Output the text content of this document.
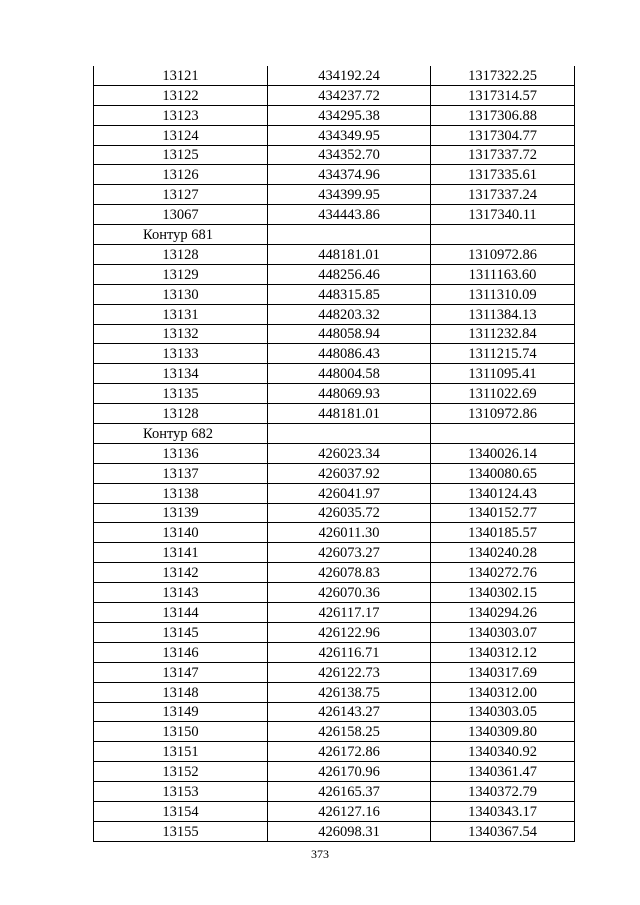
13121	434192.24	1317322.25
13122	434237.72	1317314.57
13123	434295.38	1317306.88
13124	434349.95	1317304.77
13125	434352.70	1317337.72
13126	434374.96	1317335.61
13127	434399.95	1317337.24
13067	434443.86	1317340.11
Контур 681		
13128	448181.01	1310972.86
13129	448256.46	1311163.60
13130	448315.85	1311310.09
13131	448203.32	1311384.13
13132	448058.94	1311232.84
13133	448086.43	1311215.74
13134	448004.58	1311095.41
13135	448069.93	1311022.69
13128	448181.01	1310972.86
Контур 682		
13136	426023.34	1340026.14
13137	426037.92	1340080.65
13138	426041.97	1340124.43
13139	426035.72	1340152.77
13140	426011.30	1340185.57
13141	426073.27	1340240.28
13142	426078.83	1340272.76
13143	426070.36	1340302.15
13144	426117.17	1340294.26
13145	426122.96	1340303.07
13146	426116.71	1340312.12
13147	426122.73	1340317.69
13148	426138.75	1340312.00
13149	426143.27	1340303.05
13150	426158.25	1340309.80
13151	426172.86	1340340.92
13152	426170.96	1340361.47
13153	426165.37	1340372.79
13154	426127.16	1340343.17
13155	426098.31	1340367.54
373
